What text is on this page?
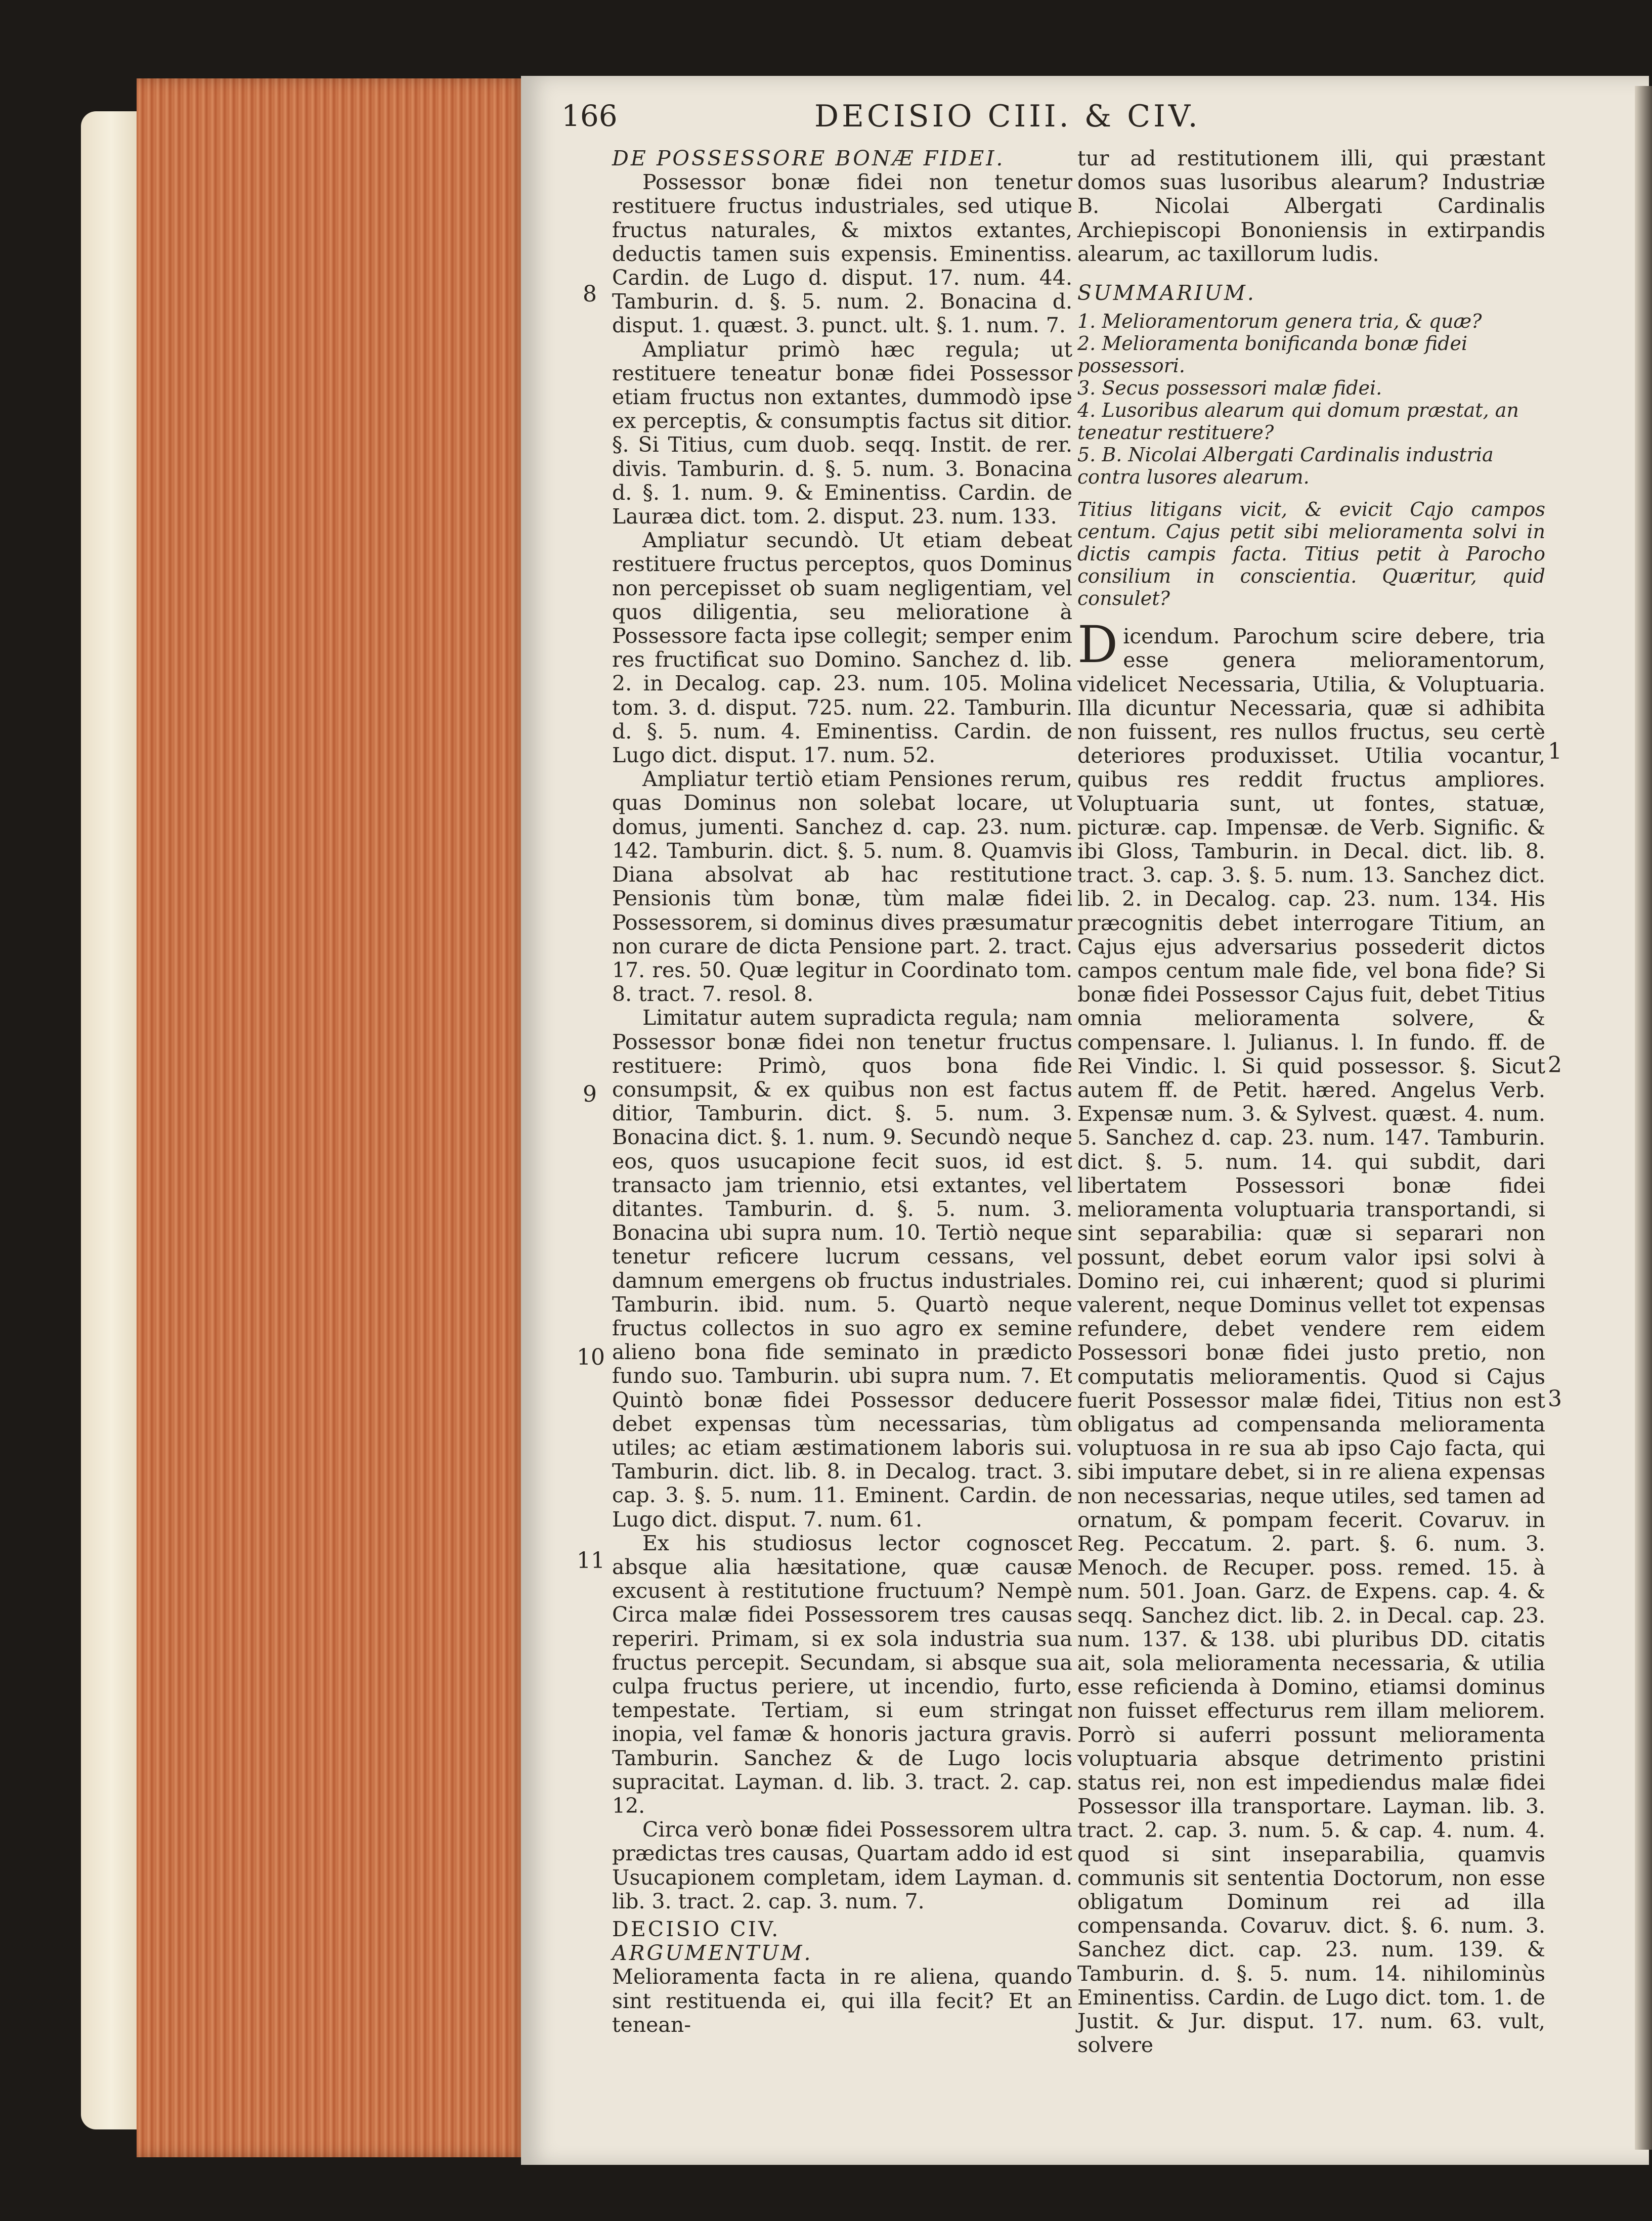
166	DECISIO CIII. & CIV.
8
9
10
11
1
2
3

DE POSSESSORE BONÆ FIDEI.

Possessor bonæ fidei non tenetur restituere fructus industriales, sed utique fructus naturales, & mixtos extantes, deductis tamen suis expensis. Eminentiss. Cardin. de Lugo d. disput. 17. num. 44. Tamburin. d. §. 5. num. 2. Bonacina d. disput. 1. quæst. 3. punct. ult. §. 1. num. 7.

Ampliatur primò hæc regula; ut restituere teneatur bonæ fidei Possessor etiam fructus non extantes, dummodò ipse ex perceptis, & consumptis factus sit ditior. §. Si Titius, cum duob. seqq. Instit. de rer. divis. Tamburin. d. §. 5. num. 3. Bonacina d. §. 1. num. 9. & Eminentiss. Cardin. de Lauræa dict. tom. 2. disput. 23. num. 133.

Ampliatur secundò. Ut etiam debeat restituere fructus perceptos, quos Dominus non percepisset ob suam negligentiam, vel quos diligentia, seu melioratione à Possessore facta ipse collegit; semper enim res fructificat suo Domino. Sanchez d. lib. 2. in Decalog. cap. 23. num. 105. Molina tom. 3. d. disput. 725. num. 22. Tamburin. d. §. 5. num. 4. Eminentiss. Cardin. de Lugo dict. disput. 17. num. 52.

Ampliatur tertiò etiam Pensiones rerum, quas Dominus non solebat locare, ut domus, jumenti. Sanchez d. cap. 23. num. 142. Tamburin. dict. §. 5. num. 8. Quamvis Diana absolvat ab hac restitutione Pensionis tùm bonæ, tùm malæ fidei Possessorem, si dominus dives præsumatur non curare de dicta Pensione part. 2. tract. 17. res. 50. Quæ legitur in Coordinato tom. 8. tract. 7. resol. 8.

Limitatur autem supradicta regula; nam Possessor bonæ fidei non tenetur fructus restituere: Primò, quos bona fide consumpsit, & ex quibus non est factus ditior, Tamburin. dict. §. 5. num. 3. Bonacina dict. §. 1. num. 9. Secundò neque eos, quos usucapione fecit suos, id est transacto jam triennio, etsi extantes, vel ditantes. Tamburin. d. §. 5. num. 3. Bonacina ubi supra num. 10. Tertiò neque tenetur reficere lucrum cessans, vel damnum emergens ob fructus industriales. Tamburin. ibid. num. 5. Quartò neque fructus collectos in suo agro ex semine alieno bona fide seminato in prædicto fundo suo. Tamburin. ubi supra num. 7. Et Quintò bonæ fidei Possessor deducere debet expensas tùm necessarias, tùm utiles; ac etiam æstimationem laboris sui. Tamburin. dict. lib. 8. in Decalog. tract. 3. cap. 3. §. 5. num. 11. Eminent. Cardin. de Lugo dict. disput. 7. num. 61.

Ex his studiosus lector cognoscet absque alia hæsitatione, quæ causæ excusent à restitutione fructuum? Nempè Circa malæ fidei Possessorem tres causas reperiri. Primam, si ex sola industria sua fructus percepit. Secundam, si absque sua culpa fructus periere, ut incendio, furto, tempestate. Tertiam, si eum stringat inopia, vel famæ & honoris jactura gravis. Tamburin. Sanchez & de Lugo locis supracitat. Layman. d. lib. 3. tract. 2. cap. 12.

Circa verò bonæ fidei Possessorem ultra prædictas tres causas, Quartam addo id est Usucapionem completam, idem Layman. d. lib. 3. tract. 2. cap. 3. num. 7.

DECISIO CIV.

ARGUMENTUM.

Melioramenta facta in re aliena, quando sint restituenda ei, qui illa fecit? Et an tenean-

tur ad restitutionem illi, qui præstant domos suas lusoribus alearum? Industriæ B. Nicolai Albergati Cardinalis Archiepiscopi Bononiensis in extirpandis alearum, ac taxillorum ludis.

SUMMARIUM.

1. Melioramentorum genera tria, & quæ?
2. Melioramenta bonificanda bonæ fidei possessori.
3. Secus possessori malæ fidei.
4. Lusoribus alearum qui domum præstat, an teneatur restituere?
5. B. Nicolai Albergati Cardinalis industria contra lusores alearum.

Titius litigans vicit, & evicit Cajo campos centum. Cajus petit sibi melioramenta solvi in dictis campis facta. Titius petit à Parocho consilium in conscientia. Quæritur, quid consulet?

Dicendum. Parochum scire debere, tria esse genera melioramentorum, videlicet Necessaria, Utilia, & Voluptuaria. Illa dicuntur Necessaria, quæ si adhibita non fuissent, res nullos fructus, seu certè deteriores produxisset. Utilia vocantur, quibus res reddit fructus ampliores. Voluptuaria sunt, ut fontes, statuæ, picturæ. cap. Impensæ. de Verb. Signific. & ibi Gloss, Tamburin. in Decal. dict. lib. 8. tract. 3. cap. 3. §. 5. num. 13. Sanchez dict. lib. 2. in Decalog. cap. 23. num. 134. His præcognitis debet interrogare Titium, an Cajus ejus adversarius possederit dictos campos centum male fide, vel bona fide? Si bonæ fidei Possessor Cajus fuit, debet Titius omnia melioramenta solvere, & compensare. l. Julianus. l. In fundo. ff. de Rei Vindic. l. Si quid possessor. §. Sicut autem ff. de Petit. hæred. Angelus Verb. Expensæ num. 3. & Sylvest. quæst. 4. num. 5. Sanchez d. cap. 23. num. 147. Tamburin. dict. §. 5. num. 14. qui subdit, dari libertatem Possessori bonæ fidei melioramenta voluptuaria transportandi, si sint separabilia: quæ si separari non possunt, debet eorum valor ipsi solvi à Domino rei, cui inhærent; quod si plurimi valerent, neque Dominus vellet tot expensas refundere, debet vendere rem eidem Possessori bonæ fidei justo pretio, non computatis melioramentis. Quod si Cajus fuerit Possessor malæ fidei, Titius non est obligatus ad compensanda melioramenta voluptuosa in re sua ab ipso Cajo facta, qui sibi imputare debet, si in re aliena expensas non necessarias, neque utiles, sed tamen ad ornatum, & pompam fecerit. Covaruv. in Reg. Peccatum. 2. part. §. 6. num. 3. Menoch. de Recuper. poss. remed. 15. à num. 501. Joan. Garz. de Expens. cap. 4. & seqq. Sanchez dict. lib. 2. in Decal. cap. 23. num. 137. & 138. ubi pluribus DD. citatis ait, sola melioramenta necessaria, & utilia esse reficienda à Domino, etiamsi dominus non fuisset effecturus rem illam meliorem. Porrò si auferri possunt melioramenta voluptuaria absque detrimento pristini status rei, non est impediendus malæ fidei Possessor illa transportare. Layman. lib. 3. tract. 2. cap. 3. num. 5. & cap. 4. num. 4. quod si sint inseparabilia, quamvis communis sit sententia Doctorum, non esse obligatum Dominum rei ad illa compensanda. Covaruv. dict. §. 6. num. 3. Sanchez dict. cap. 23. num. 139. & Tamburin. d. §. 5. num. 14. nihilominùs Eminentiss. Cardin. de Lugo dict. tom. 1. de Justit. & Jur. disput. 17. num. 63. vult, solvere
